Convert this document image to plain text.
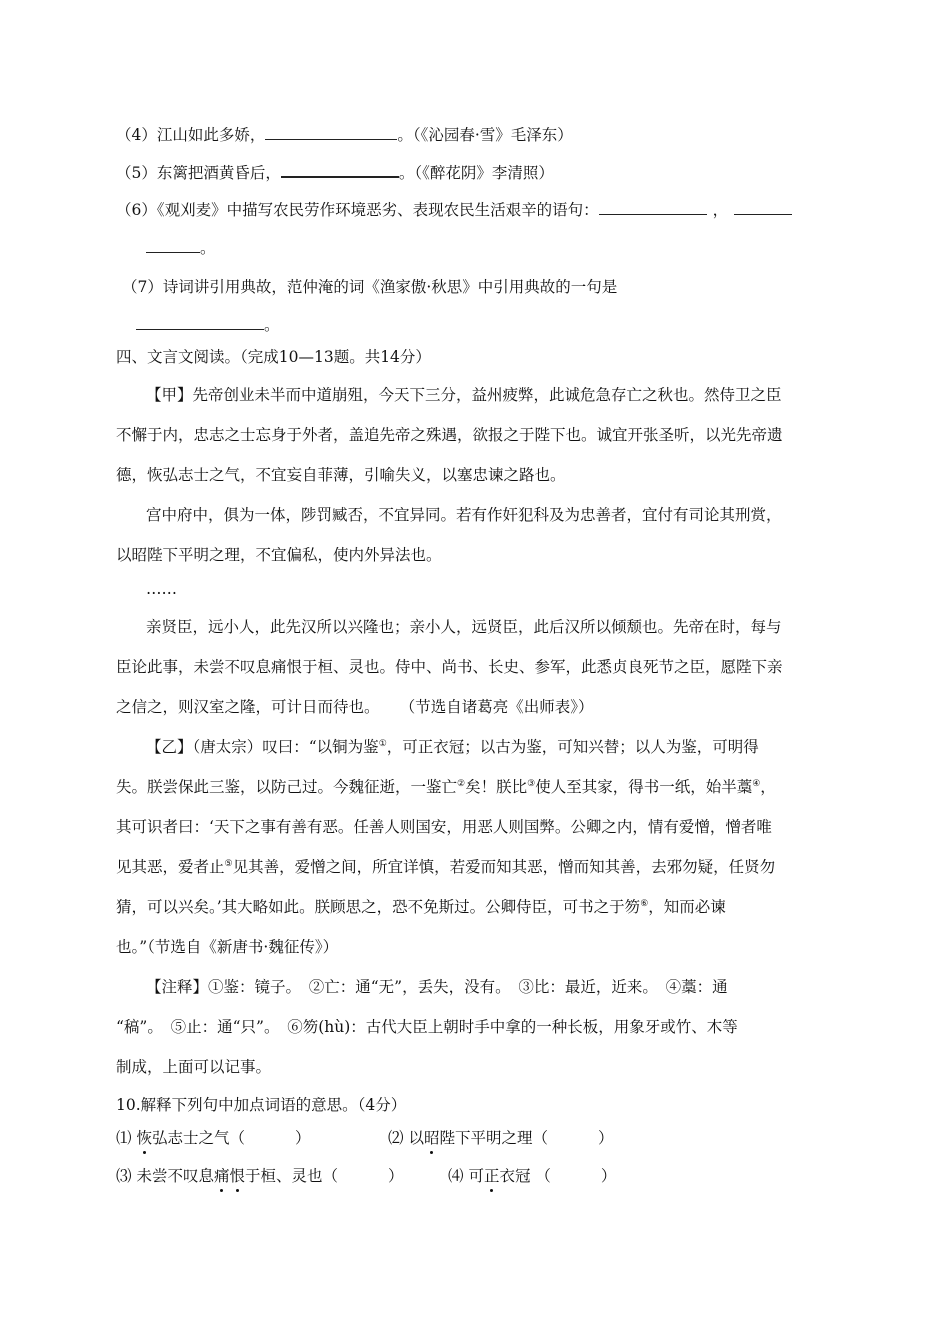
（4）江山如此多娇，	。（《沁园春·雪》毛泽东）
（5）东篱把酒黄昏后，	。（《醉花阴》李清照）
（6）《观刈麦》中描写农民劳作环境恶劣、表现农民生活艰辛的语句：	，
。
（7）诗词讲引用典故，范仲淹的词《渔家傲·秋思》中引用典故的一句是
。
四、文言文阅读。（完成10—13题。共14分）
【甲】先帝创业未半而中道崩殂，今天下三分，益州疲弊，此诚危急存亡之秋也。然侍卫之臣
不懈于内，忠志之士忘身于外者，盖追先帝之殊遇，欲报之于陛下也。诚宜开张圣听，以光先帝遗
德，恢弘志士之气，不宜妄自菲薄，引喻失义，以塞忠谏之路也。
宫中府中，俱为一体，陟罚臧否，不宜异同。若有作奸犯科及为忠善者，宜付有司论其刑赏，
以昭陛下平明之理，不宜偏私，使内外异法也。
……
亲贤臣，远小人，此先汉所以兴隆也；亲小人，远贤臣，此后汉所以倾颓也。先帝在时，每与
臣论此事，未尝不叹息痛恨于桓、灵也。侍中、尚书、长史、参军，此悉贞良死节之臣，愿陛下亲
之信之，则汉室之隆，可计日而待也。 （节选自诸葛亮《出师表》）
【乙】（唐太宗）叹曰：“以铜为鉴①，可正衣冠；以古为鉴，可知兴替；以人为鉴，可明得
失。朕尝保此三鉴，以防己过。今魏征逝，一鉴亡②矣！朕比③使人至其家，得书一纸，始半藁④，
其可识者曰：‘天下之事有善有恶。任善人则国安，用恶人则国弊。公卿之内，情有爱憎，憎者唯
见其恶，爱者止⑤见其善，爱憎之间，所宜详慎，若爱而知其恶，憎而知其善，去邪勿疑，任贤勿
猜，可以兴矣。’其大略如此。朕顾思之，恐不免斯过。公卿侍臣，可书之于笏⑥，知而必谏
也。”（节选自《新唐书·魏征传》）
【注释】①鉴：镜子。　②亡：通“无”，丢失，没有。　③比：最近，近来。　④藁：通
“稿”。　⑤止：通“只”。　⑥笏(hù)：古代大臣上朝时手中拿的一种长板，用象牙或竹、木等
制成，上面可以记事。
10.解释下列句中加点词语的意思。（4分）
⑴ 恢弘志士之气（	）	⑵ 以昭陛下平明之理（	）
⑶ 未尝不叹息痛恨于桓、灵也（	）	⑷ 可正衣冠 （	）
